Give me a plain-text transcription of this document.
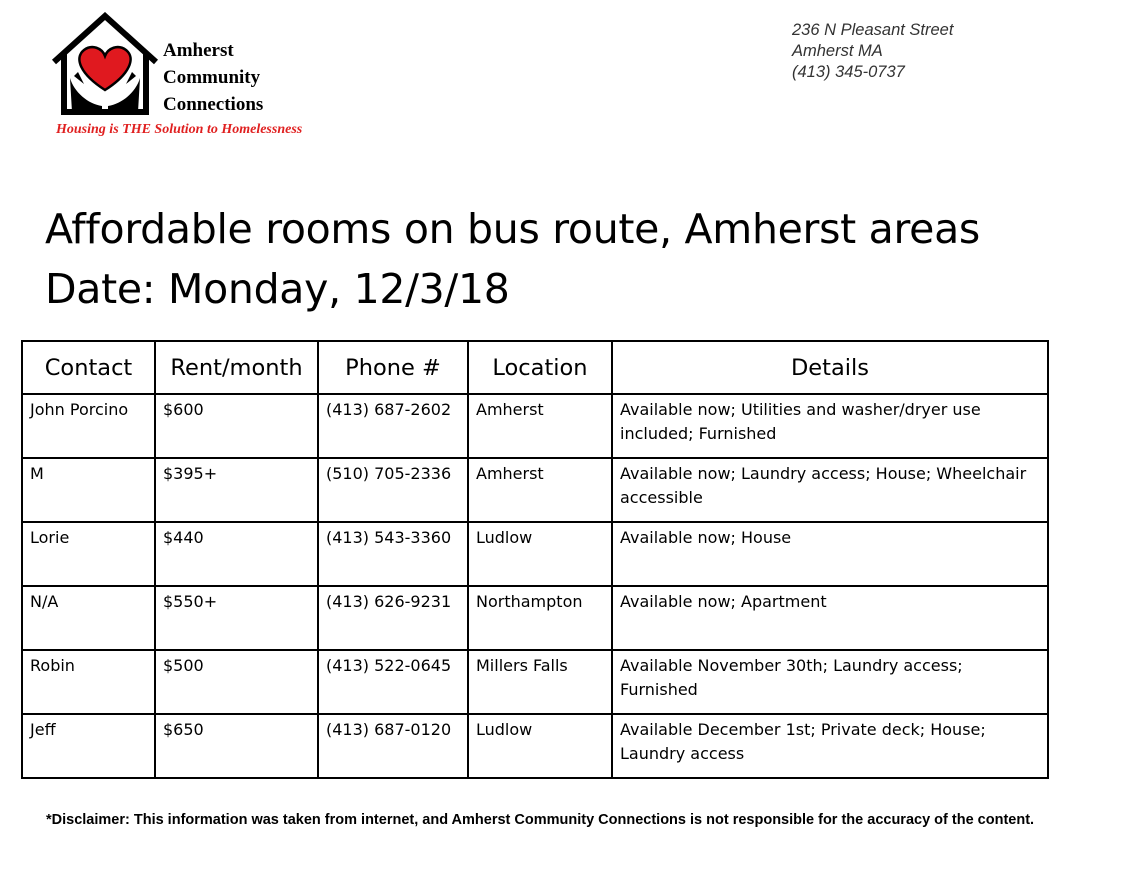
Amherst
Community
Connections
Housing is THE Solution to Homelessness
236 N Pleasant Street
Amherst MA
(413) 345-0737
Affordable rooms on bus route, Amherst areas
Date: Monday, 12/3/18
Contact	Rent/month	Phone #	Location	Details
John Porcino	$600	(413) 687-2602	Amherst	Available now; Utilities and washer/dryer use included; Furnished
M	$395+	(510) 705-2336	Amherst	Available now; Laundry access; House; Wheelchair accessible
Lorie	$440	(413) 543-3360	Ludlow	Available now; House
N/A	$550+	(413) 626-9231	Northampton	Available now; Apartment
Robin	$500	(413) 522-0645	Millers Falls	Available November 30th; Laundry access; Furnished
Jeff	$650	(413) 687-0120	Ludlow	Available December 1st; Private deck; House; Laundry access
*Disclaimer: This information was taken from internet, and Amherst Community Connections is not responsible for the accuracy of the content.
